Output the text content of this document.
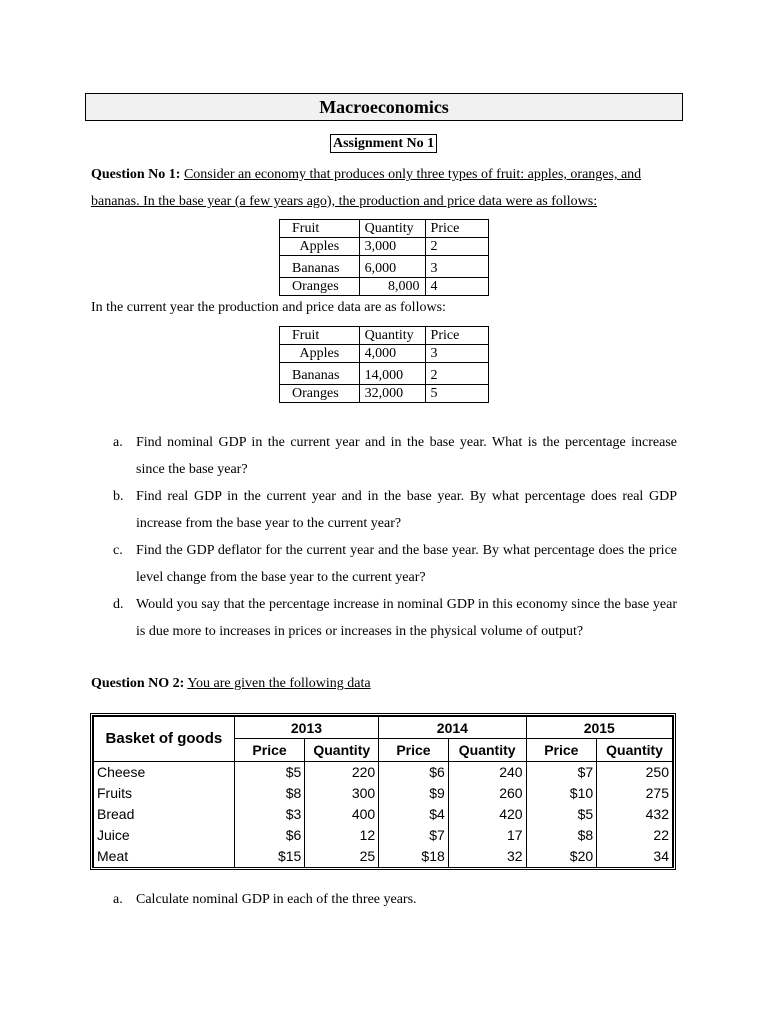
Macroeconomics
Assignment No 1
Question No 1: Consider an economy that produces only three types of fruit: apples, oranges, and bananas. In the base year (a few years ago), the production and price data were as follows:
Fruit	Quantity	Price
Apples	3,000	2
Bananas	6,000	3
Oranges	8,000	4
In the current year the production and price data are as follows:
Fruit	Quantity	Price
Apples	4,000	3
Bananas	14,000	2
Oranges	32,000	5
a. Find nominal GDP in the current year and in the base year. What is the percentage increase since the base year?
b. Find real GDP in the current year and in the base year. By what percentage does real GDP increase from the base year to the current year?
c. Find the GDP deflator for the current year and the base year. By what percentage does the price level change from the base year to the current year?
d. Would you say that the percentage increase in nominal GDP in this economy since the base year is due more to increases in prices or increases in the physical volume of output?
Question NO 2: You are given the following data
Basket of goods	2013		2014		2015	
	Price	Quantity	Price	Quantity	Price	Quantity
Cheese	$5	220	$6	240	$7	250
Fruits	$8	300	$9	260	$10	275
Bread	$3	400	$4	420	$5	432
Juice	$6	12	$7	17	$8	22
Meat	$15	25	$18	32	$20	34
a. Calculate nominal GDP in each of the three years.
